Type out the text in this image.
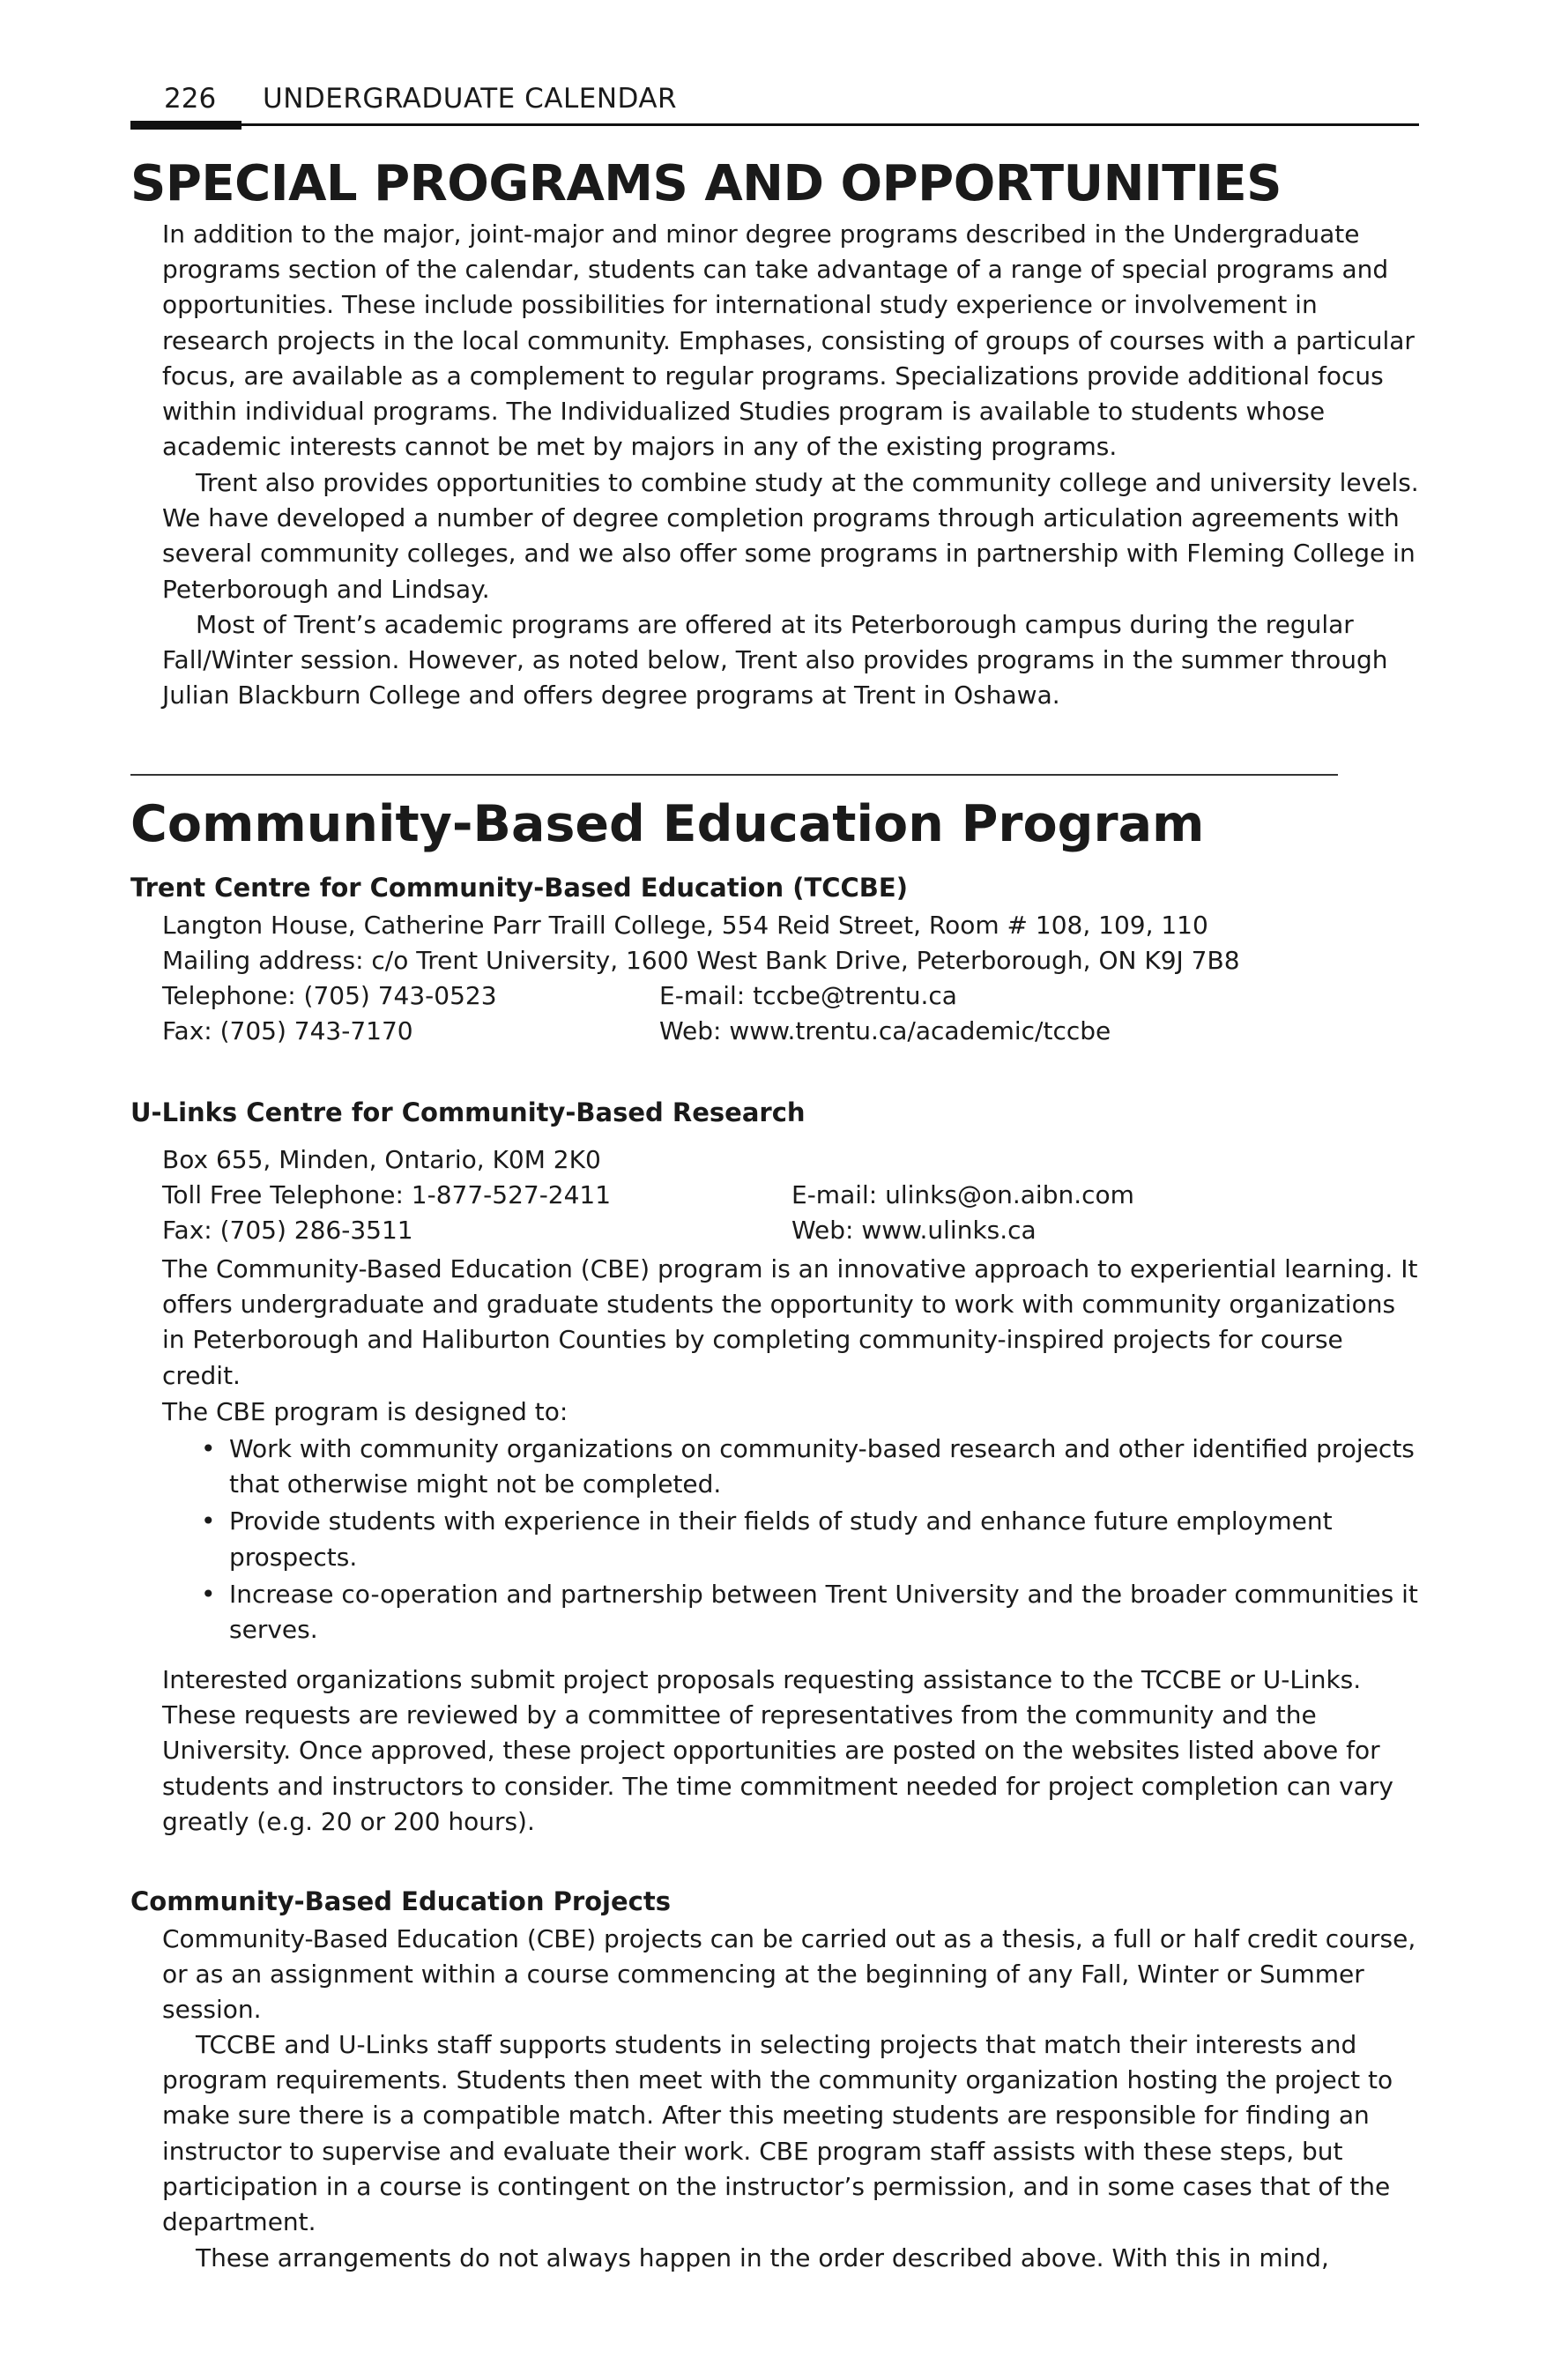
226 UNDERGRADUATE CALENDAR
SPECIAL PROGRAMS AND OPPORTUNITIES

In addition to the major, joint-major and minor degree programs described in the Undergraduate programs section of the calendar, students can take advantage of a range of special programs and opportunities. These include possibilities for international study experience or involvement in research projects in the local community. Emphases, consisting of groups of courses with a particular focus, are available as a complement to regular programs. Specializations provide additional focus within individual programs. The Individualized Studies program is available to students whose academic interests cannot be met by majors in any of the existing programs.

Trent also provides opportunities to combine study at the community college and university levels. We have developed a number of degree completion programs through articulation agreements with several community colleges, and we also offer some programs in partnership with Fleming College in Peterborough and Lindsay.

Most of Trent’s academic programs are offered at its Peterborough campus during the regular Fall/Winter session. However, as noted below, Trent also provides programs in the summer through Julian Blackburn College and offers degree programs at Trent in Oshawa.

Community-Based Education Program
Trent Centre for Community-Based Education (TCCBE)
Langton House, Catherine Parr Traill College, 554 Reid Street, Room # 108, 109, 110
Mailing address: c/o Trent University, 1600 West Bank Drive, Peterborough, ON K9J 7B8
Telephone: (705) 743-0523	E-mail: tccbe@trentu.ca
Fax: (705) 743-7170	Web: www.trentu.ca/academic/tccbe
U-Links Centre for Community-Based Research
Box 655, Minden, Ontario, K0M 2K0
Toll Free Telephone: 1-877-527-2411	E-mail: ulinks@on.aibn.com
Fax: (705) 286-3511	Web: www.ulinks.ca

The Community-Based Education (CBE) program is an innovative approach to experiential learning. It offers undergraduate and graduate students the opportunity to work with community organizations in Peterborough and Haliburton Counties by completing community-inspired projects for course credit.

The CBE program is designed to:

• Work with community organizations on community-based research and other identified projects that otherwise might not be completed.
• Provide students with experience in their fields of study and enhance future employment prospects.
• Increase co-operation and partnership between Trent University and the broader communities it serves.

Interested organizations submit project proposals requesting assistance to the TCCBE or U-Links. These requests are reviewed by a committee of representatives from the community and the University. Once approved, these project opportunities are posted on the websites listed above for students and instructors to consider. The time commitment needed for project completion can vary greatly (e.g. 20 or 200 hours).

Community-Based Education Projects

Community-Based Education (CBE) projects can be carried out as a thesis, a full or half credit course, or as an assignment within a course commencing at the beginning of any Fall, Winter or Summer session.

TCCBE and U-Links staff supports students in selecting projects that match their interests and program requirements. Students then meet with the community organization hosting the project to make sure there is a compatible match. After this meeting students are responsible for finding an instructor to supervise and evaluate their work. CBE program staff assists with these steps, but participation in a course is contingent on the instructor’s permission, and in some cases that of the department.

These arrangements do not always happen in the order described above. With this in mind,
